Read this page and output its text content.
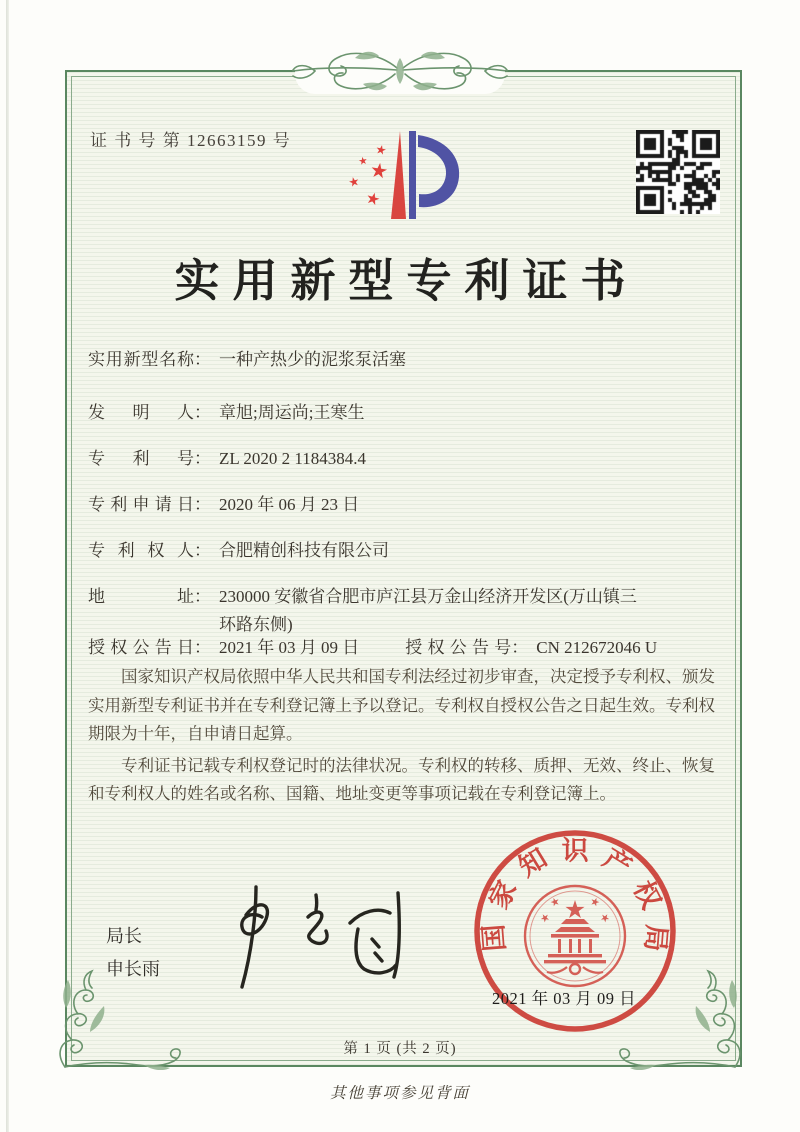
证 书 号 第 12663159 号
实用新型专利证书
实用新型名称 ： 一种产热少的泥浆泵活塞
发明人 ： 章旭;周运尚;王寒生
专利号 ： ZL 2020 2 1184384.4
专利申请日 ： 2020 年 06 月 23 日
专利权人 ： 合肥精创科技有限公司
地址 ： 230000 安徽省合肥市庐江县万金山经济开发区(万山镇三环路东侧)
授权公告日 ： 2021 年 03 月 09 日	授权公告号 ： CN 212672046 U

国家知识产权局依照中华人民共和国专利法经过初步审查，决定授予专利权、颁发实用新型专利证书并在专利登记簿上予以登记。专利权自授权公告之日起生效。专利权期限为十年，自申请日起算。

专利证书记载专利权登记时的法律状况。专利权的转移、质押、无效、终止、恢复和专利权人的姓名或名称、国籍、地址变更等事项记载在专利登记簿上。

局长
申长雨
国家知识产权局
2021 年 03 月 09 日
第 1 页 (共 2 页)
其他事项参见背面
